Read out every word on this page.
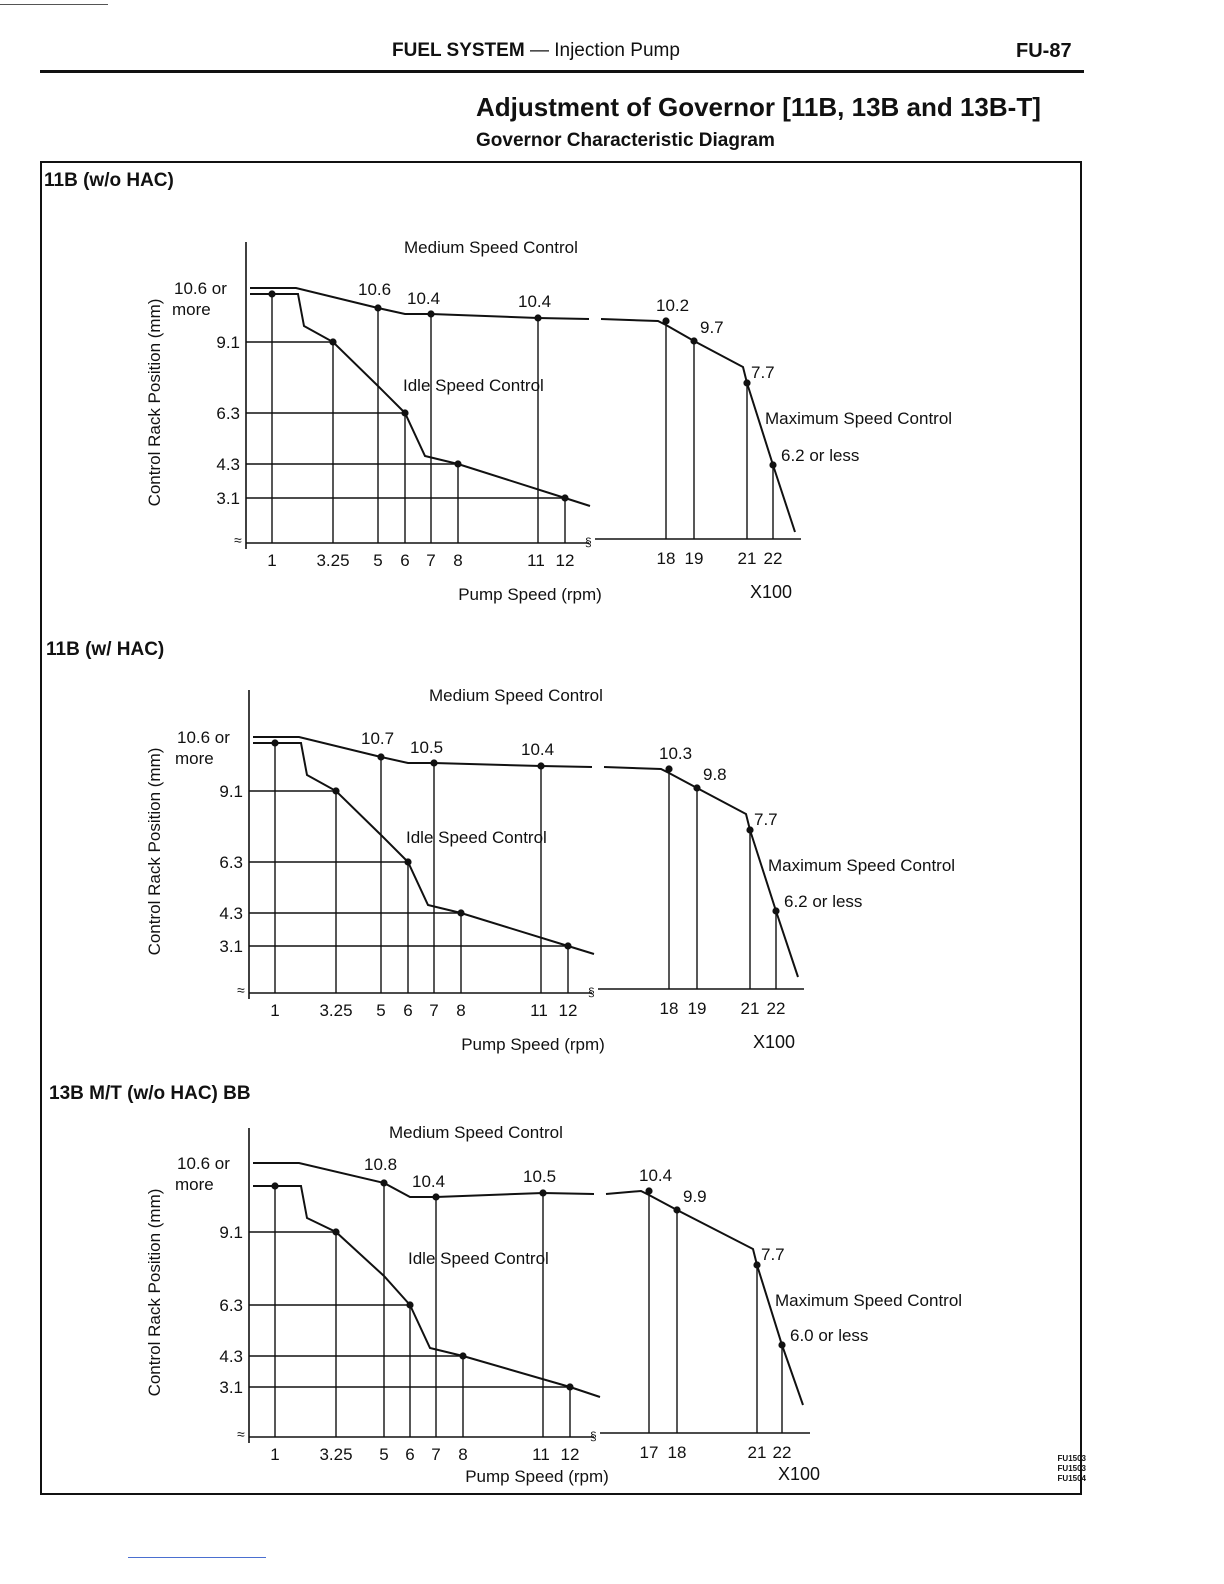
FUEL SYSTEM — Injection Pump	FU-87
Adjustment of Governor [11B, 13B and 13B-T]
Governor Characteristic Diagram
11B (w/o HAC)
§
≈
Control Rack Position (mm)
10.6 or
more
9.1
6.3
4.3
3.1
10.6 10.4	10.4	10.2
9.7
7.7
6.2 or less
Medium Speed Control
Idle Speed Control
Maximum Speed Control
1 3.25 5 6 7 8	11 12	18 19 21 22
Pump Speed (rpm)	X100
11B (w/ HAC)
§
≈
Control Rack Position (mm)
10.6 or
more
9.1
6.3
4.3
3.1
10.7 10.5	10.4	10.3
9.8
7.7
6.2 or less
Medium Speed Control
Idle Speed Control
Maximum Speed Control
1 3.25 5 6 7 8	11 12	18 19 21 22
Pump Speed (rpm)	X100
13B M/T (w/o HAC) BB
§
≈
Control Rack Position (mm)
10.6 or
more
9.1
6.3
4.3
3.1
10.8
10.4	10.5	10.4
9.9
7.7
6.0 or less
Medium Speed Control
Idle Speed Control
Maximum Speed Control
1 3.25 5 6 7 8	11 12	17 18	21 22
Pump Speed (rpm)	X100
FU1503
FU1503
FU1504
